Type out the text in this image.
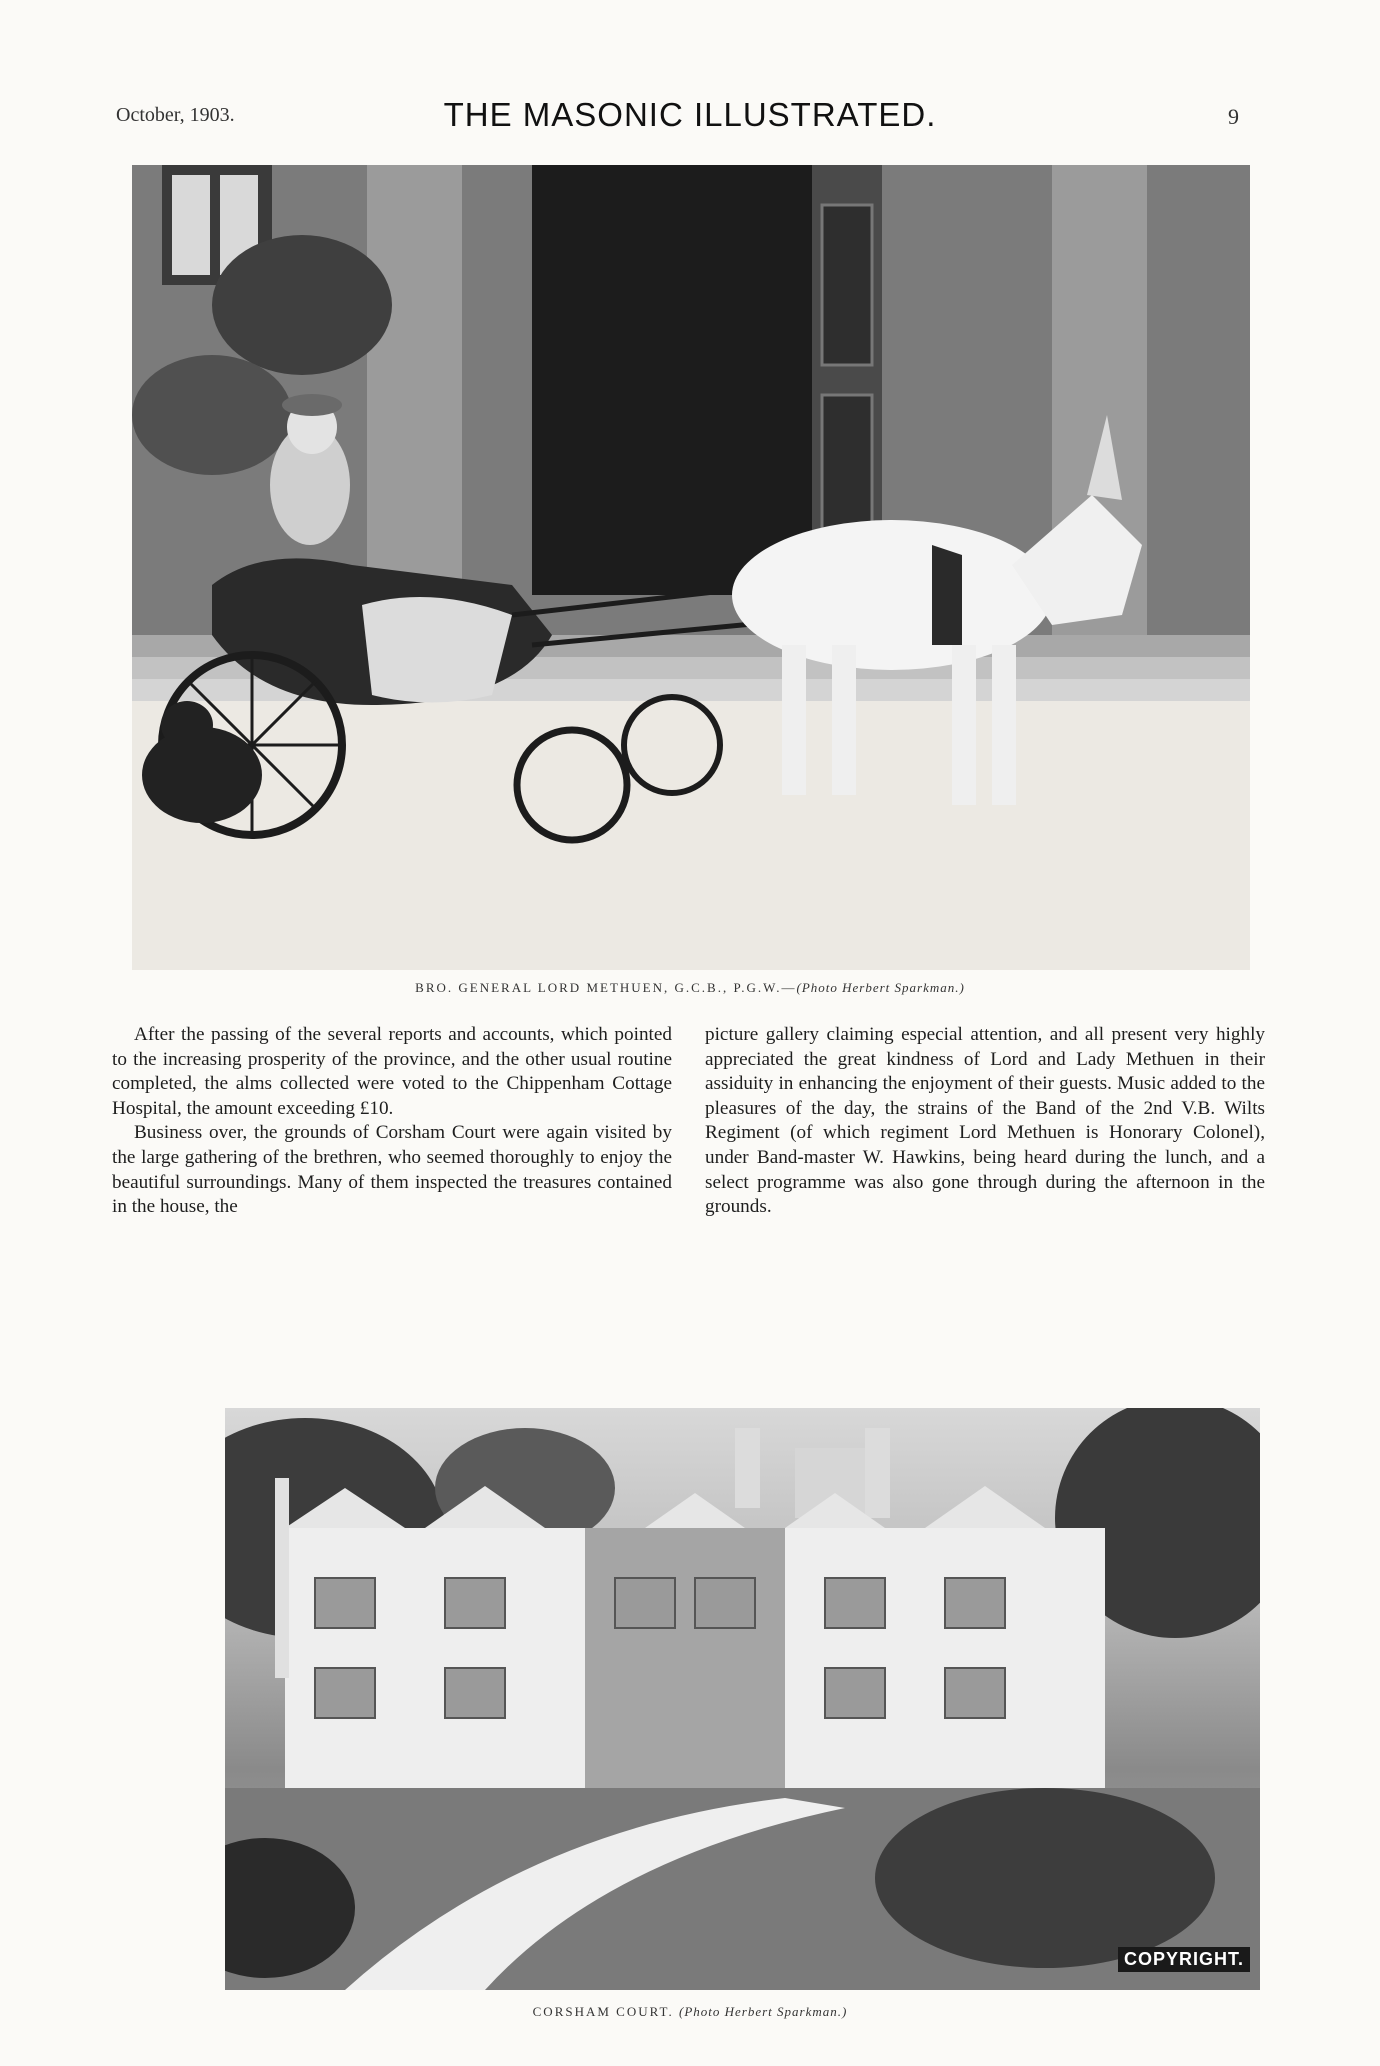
October, 1903.	THE MASONIC ILLUSTRATED.	9
BRO. GENERAL LORD METHUEN, G.C.B., P.G.W.—(Photo Herbert Sparkman.)

After the passing of the several reports and accounts, which pointed to the increasing prosperity of the province, and the other usual routine completed, the alms collected were voted to the Chippenham Cottage Hospital, the amount exceeding £10.

Business over, the grounds of Corsham Court were again visited by the large gathering of the brethren, who seemed thoroughly to enjoy the beautiful surroundings. Many of them inspected the treasures contained in the house, the

picture gallery claiming especial attention, and all present very highly appreciated the great kindness of Lord and Lady Methuen in their assiduity in enhancing the enjoyment of their guests. Music added to the pleasures of the day, the strains of the Band of the 2nd V.B. Wilts Regiment (of which regiment Lord Methuen is Honorary Colonel), under Band-master W. Hawkins, being heard during the lunch, and a select programme was also gone through during the afternoon in the grounds.

COPYRIGHT.
CORSHAM COURT. (Photo Herbert Sparkman.)
